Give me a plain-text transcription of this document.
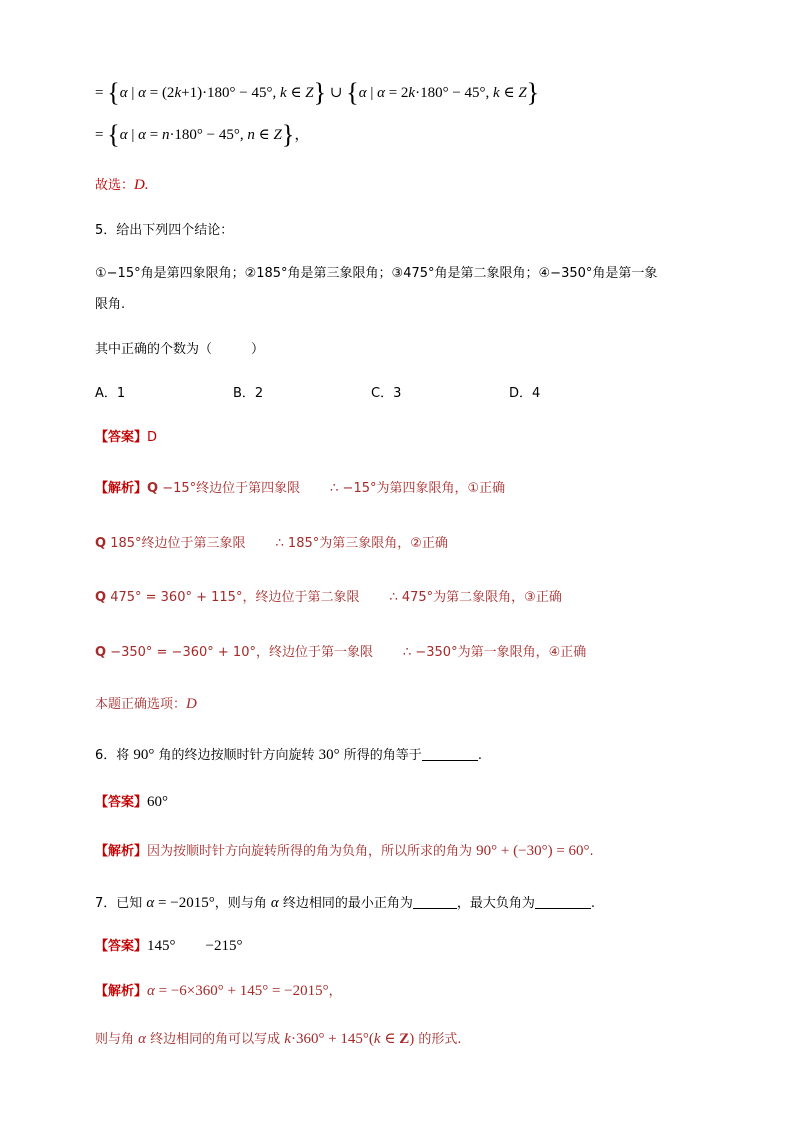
= {α | α = (2k+1)·180° − 45°, k ∈ Z} ∪ {α | α = 2k·180° − 45°, k ∈ Z}
= {α | α = n·180° − 45°, n ∈ Z}，
故选：D.
5．给出下列四个结论：
①−15°角是第四象限角；②185°角是第三象限角；③475°角是第二象限角；④−350°角是第一象
限角.
其中正确的个数为（　　　）
A．1	B．2	C．3	D．4
【答案】D
【解析】Q −15°终边位于第四象限 ∴ −15°为第四象限角，①正确
Q 185°终边位于第三象限 ∴ 185°为第三象限角，②正确
Q 475° = 360° + 115°，终边位于第二象限 ∴ 475°为第二象限角，③正确
Q −350° = −360° + 10°，终边位于第一象限 ∴ −350°为第一象限角，④正确
本题正确选项：D
6．将 90° 角的终边按顺时针方向旋转 30° 所得的角等于	.
【答案】60°
【解析】因为按顺时针方向旋转所得的角为负角，所以所求的角为 90° + (−30°) = 60°.
7．已知 α = −2015°，则与角 α 终边相同的最小正角为	，最大负角为	.
【答案】145° −215°
【解析】α = −6×360° + 145° = −2015°，
则与角 α 终边相同的角可以写成 k·360° + 145°(k ∈ Z) 的形式.
